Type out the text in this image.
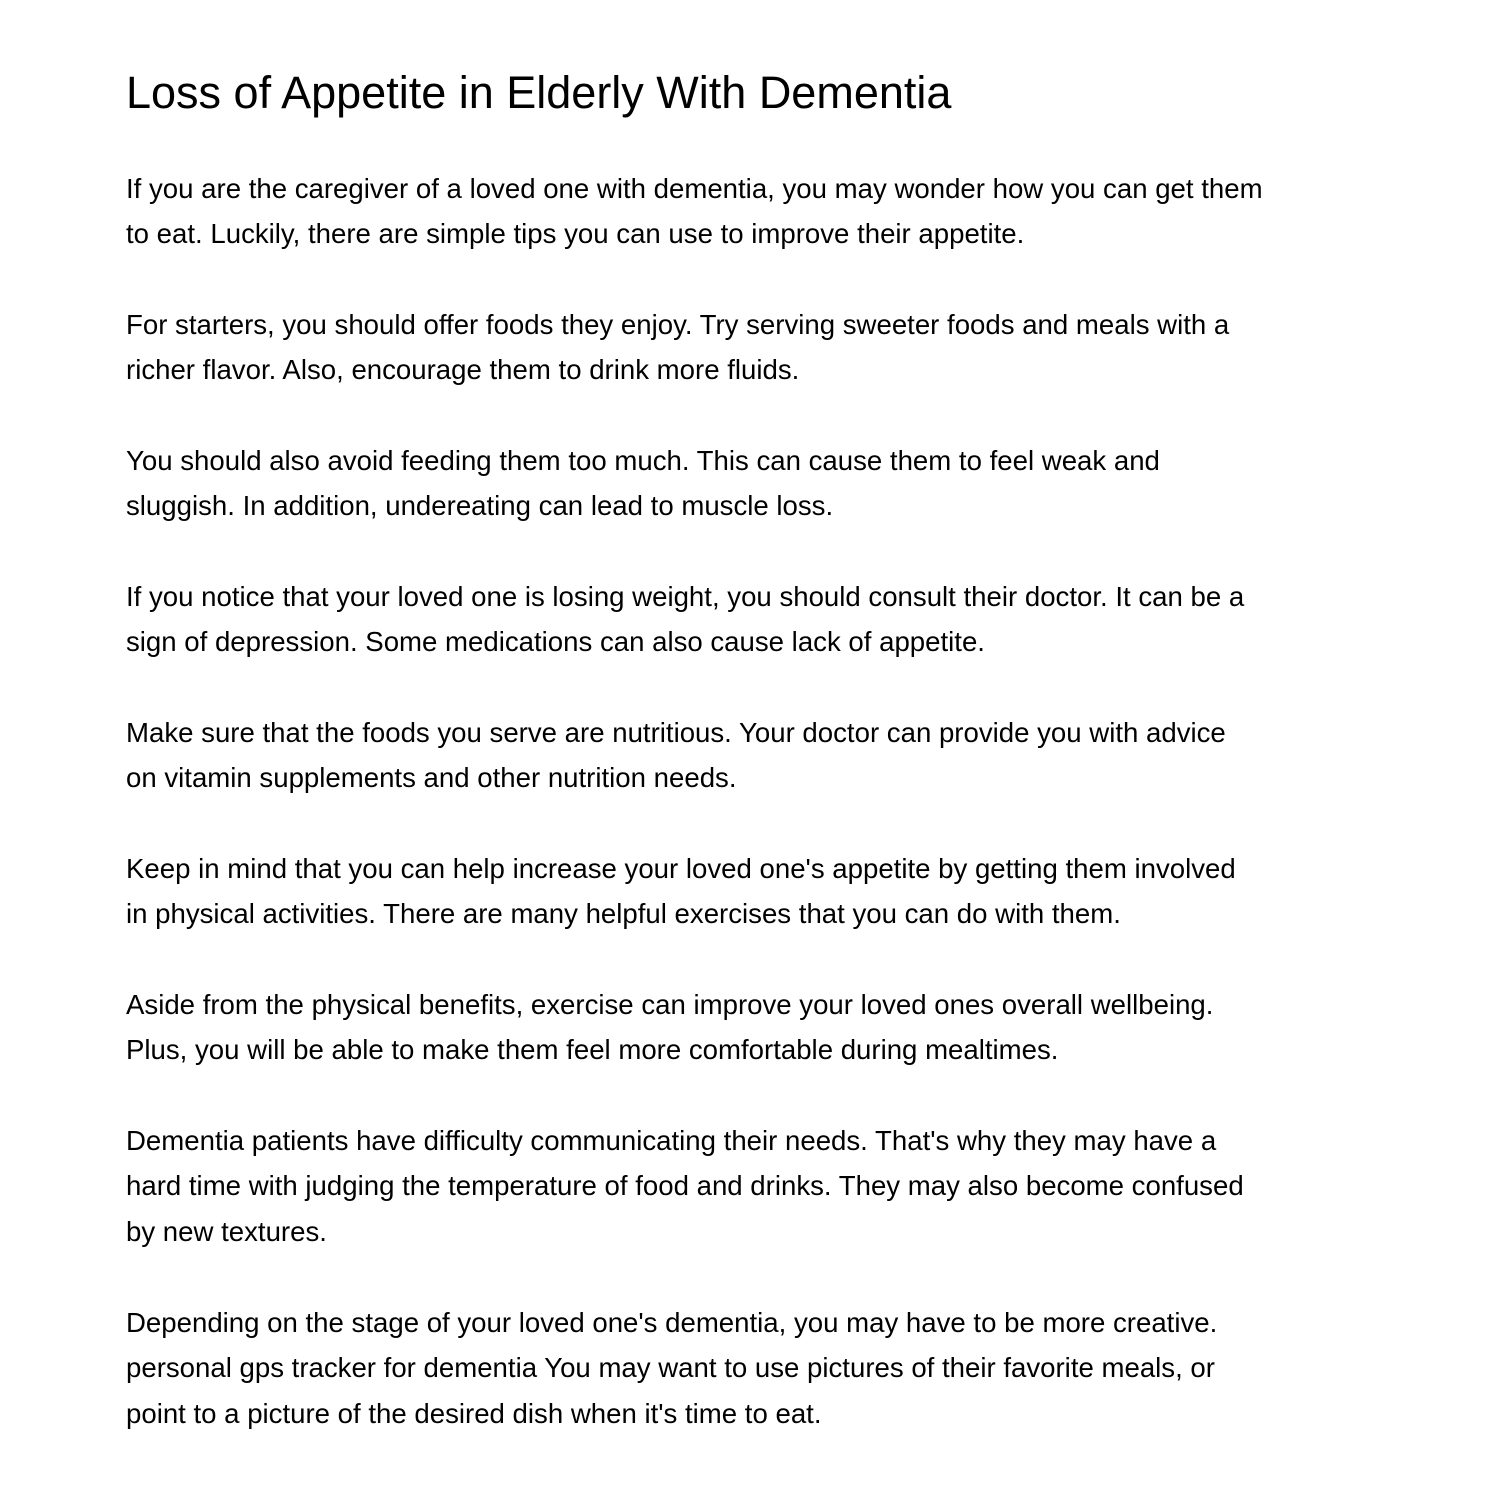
Loss of Appetite in Elderly With Dementia

If you are the caregiver of a loved one with dementia, you may wonder how you can get them
to eat. Luckily, there are simple tips you can use to improve their appetite.

For starters, you should offer foods they enjoy. Try serving sweeter foods and meals with a
richer flavor. Also, encourage them to drink more fluids.

You should also avoid feeding them too much. This can cause them to feel weak and
sluggish. In addition, undereating can lead to muscle loss.

If you notice that your loved one is losing weight, you should consult their doctor. It can be a
sign of depression. Some medications can also cause lack of appetite.

Make sure that the foods you serve are nutritious. Your doctor can provide you with advice
on vitamin supplements and other nutrition needs.

Keep in mind that you can help increase your loved one's appetite by getting them involved
in physical activities. There are many helpful exercises that you can do with them.

Aside from the physical benefits, exercise can improve your loved ones overall wellbeing.
Plus, you will be able to make them feel more comfortable during mealtimes.

Dementia patients have difficulty communicating their needs. That's why they may have a
hard time with judging the temperature of food and drinks. They may also become confused
by new textures.

Depending on the stage of your loved one's dementia, you may have to be more creative.
personal gps tracker for dementia You may want to use pictures of their favorite meals, or
point to a picture of the desired dish when it's time to eat.
